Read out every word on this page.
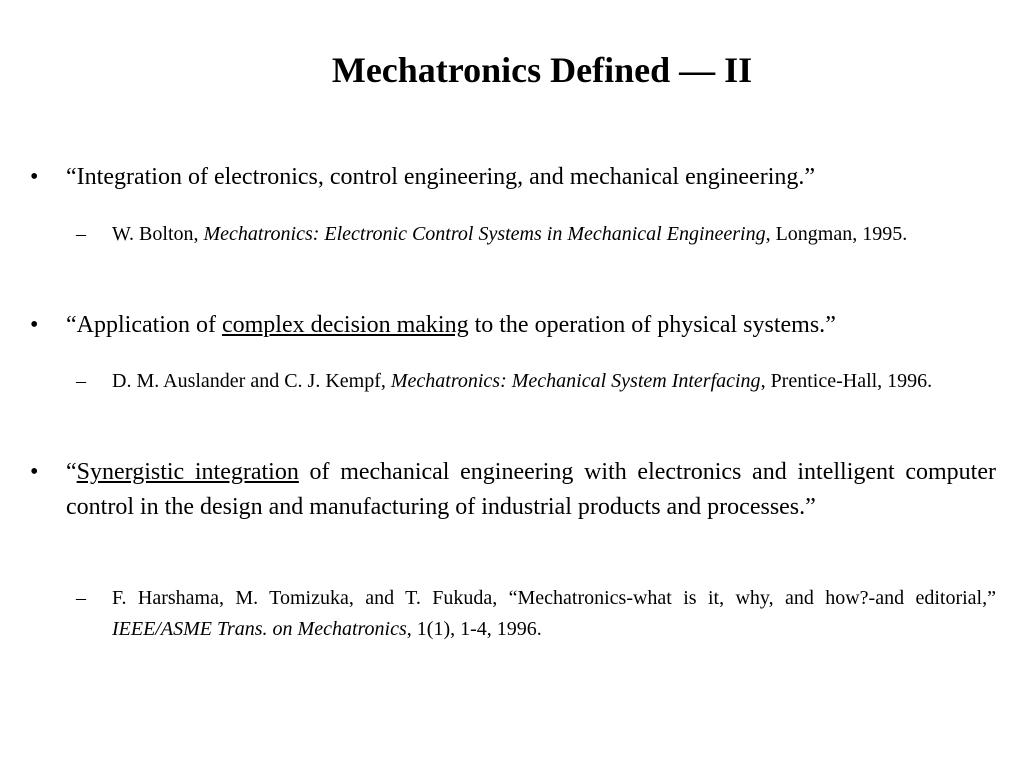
Mechatronics Defined — II
•	“Integration of electronics, control engineering, and mechanical engineering.”
– W. Bolton, Mechatronics: Electronic Control Systems in Mechanical Engineering, Longman, 1995.
•	“Application of complex decision making to the operation of physical systems.”
– D. M. Auslander and C. J. Kempf, Mechatronics: Mechanical System Interfacing, Prentice-Hall, 1996.
•	“Synergistic integration of mechanical engineering with electronics and intelligent computer control in the design and manufacturing of industrial products and processes.”
– F. Harshama, M. Tomizuka, and T. Fukuda, “Mechatronics-what is it, why, and how?-and editorial,” IEEE/ASME Trans. on Mechatronics, 1(1), 1-4, 1996.
